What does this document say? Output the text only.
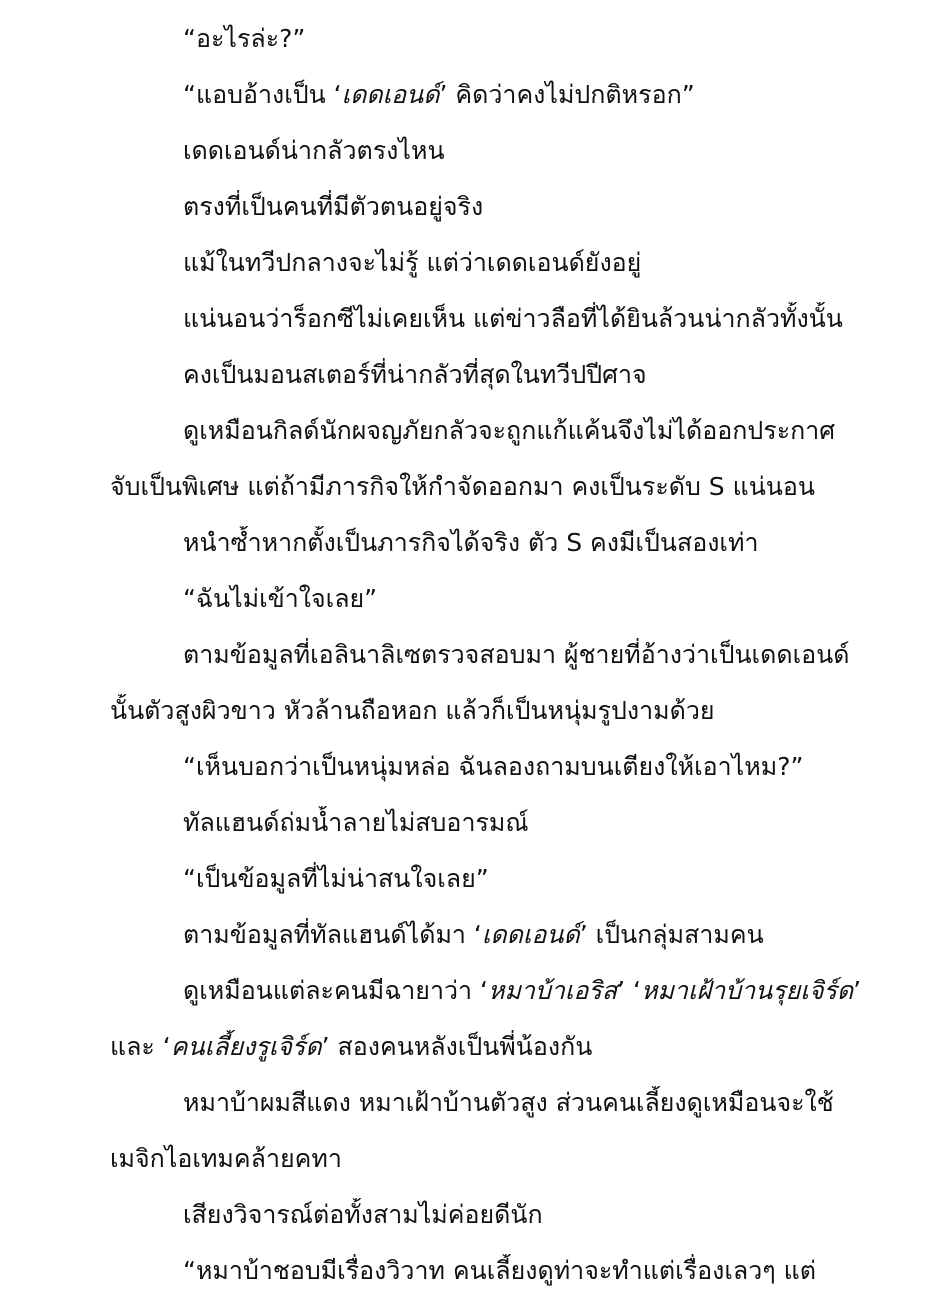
“อะไรล่ะ?”
“แอบอ้างเป็น ‘เดดเอนด์’ คิดว่าคงไม่ปกติหรอก”
เดดเอนด์น่ากลัวตรงไหน
ตรงที่เป็นคนที่มีตัวตนอยู่จริง
แม้ในทวีปกลางจะไม่รู้ แต่ว่าเดดเอนด์ยังอยู่
แน่นอนว่าร็อกซีไม่เคยเห็น แต่ข่าวลือที่ได้ยินล้วนน่ากลัวทั้งนั้น
คงเป็นมอนสเตอร์ที่น่ากลัวที่สุดในทวีปปีศาจ
ดูเหมือนกิลด์นักผจญภัยกลัวจะถูกแก้แค้นจึงไม่ได้ออกประกาศ
จับเป็นพิเศษ แต่ถ้ามีภารกิจให้กำจัดออกมา คงเป็นระดับ S แน่นอน
หนำซ้ำหากตั้งเป็นภารกิจได้จริง ตัว S คงมีเป็นสองเท่า
“ฉันไม่เข้าใจเลย”
ตามข้อมูลที่เอลินาลิเซตรวจสอบมา ผู้ชายที่อ้างว่าเป็นเดดเอนด์
นั้นตัวสูงผิวขาว หัวล้านถือหอก แล้วก็เป็นหนุ่มรูปงามด้วย
“เห็นบอกว่าเป็นหนุ่มหล่อ ฉันลองถามบนเตียงให้เอาไหม?”
ทัลแฮนด์ถ่มน้ำลายไม่สบอารมณ์
“เป็นข้อมูลที่ไม่น่าสนใจเลย”
ตามข้อมูลที่ทัลแฮนด์ได้มา ‘เดดเอนด์’ เป็นกลุ่มสามคน
ดูเหมือนแต่ละคนมีฉายาว่า ‘หมาบ้าเอริส’ ‘หมาเฝ้าบ้านรุยเจิร์ด’
และ ‘คนเลี้ยงรูเจิร์ด’ สองคนหลังเป็นพี่น้องกัน
หมาบ้าผมสีแดง หมาเฝ้าบ้านตัวสูง ส่วนคนเลี้ยงดูเหมือนจะใช้
เมจิกไอเทมคล้ายคทา
เสียงวิจารณ์ต่อทั้งสามไม่ค่อยดีนัก
“หมาบ้าชอบมีเรื่องวิวาท คนเลี้ยงดูท่าจะทำแต่เรื่องเลวๆ แต่
